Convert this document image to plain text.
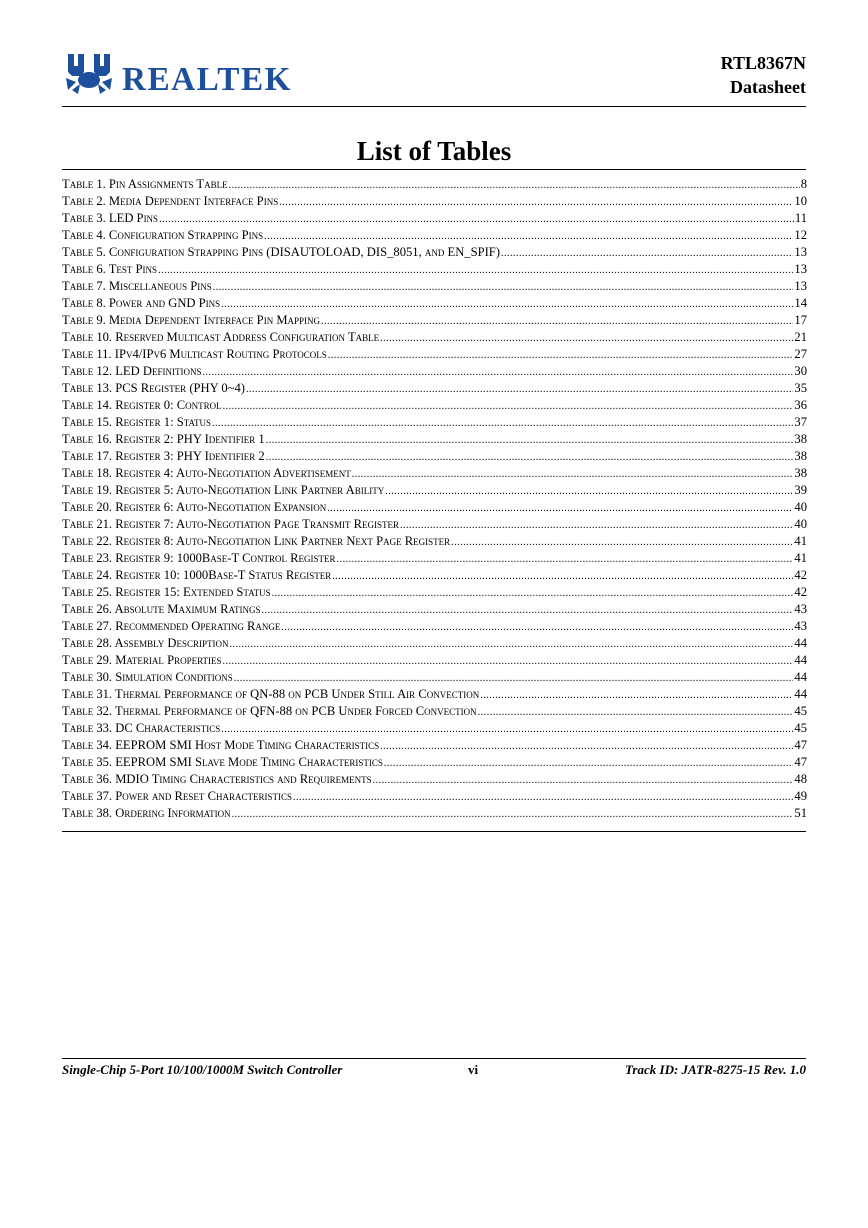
REALTEK	RTL8367N
Datasheet
List of Tables
Table 1. Pin Assignments Table .....	8
Table 2. Media Dependent Interface Pins .....	10
Table 3. LED Pins .....	11
Table 4. Configuration Strapping Pins .....	12
Table 5. Configuration Strapping Pins (DISAUTOLOAD, DIS_8051, and EN_SPIF) .....	13
Table 6. Test Pins .....	13
Table 7. Miscellaneous Pins .....	13
Table 8. Power and GND Pins .....	14
Table 9. Media Dependent Interface Pin Mapping .....	17
Table 10. Reserved Multicast Address Configuration Table .....	21
Table 11. IPv4/IPv6 Multicast Routing Protocols .....	27
Table 12. LED Definitions .....	30
Table 13. PCS Register (PHY 0~4) .....	35
Table 14. Register 0: Control .....	36
Table 15. Register 1: Status .....	37
Table 16. Register 2: PHY Identifier 1 .....	38
Table 17. Register 3: PHY Identifier 2 .....	38
Table 18. Register 4: Auto-Negotiation Advertisement .....	38
Table 19. Register 5: Auto-Negotiation Link Partner Ability .....	39
Table 20. Register 6: Auto-Negotiation Expansion .....	40
Table 21. Register 7: Auto-Negotiation Page Transmit Register .....	40
Table 22. Register 8: Auto-Negotiation Link Partner Next Page Register .....	41
Table 23. Register 9: 1000Base-T Control Register .....	41
Table 24. Register 10: 1000Base-T Status Register .....	42
Table 25. Register 15: Extended Status .....	42
Table 26. Absolute Maximum Ratings .....	43
Table 27. Recommended Operating Range .....	43
Table 28. Assembly Description .....	44
Table 29. Material Properties .....	44
Table 30. Simulation Conditions .....	44
Table 31. Thermal Performance of QN-88 on PCB Under Still Air Convection .....	44
Table 32. Thermal Performance of QFN-88 on PCB Under Forced Convection .....	45
Table 33. DC Characteristics .....	45
Table 34. EEPROM SMI Host Mode Timing Characteristics .....	47
Table 35. EEPROM SMI Slave Mode Timing Characteristics .....	47
Table 36. MDIO Timing Characteristics and Requirements .....	48
Table 37. Power and Reset Characteristics .....	49
Table 38. Ordering Information .....	51
Single-Chip 5-Port 10/100/1000M Switch Controller	vi	Track ID: JATR-8275-15 Rev. 1.0
